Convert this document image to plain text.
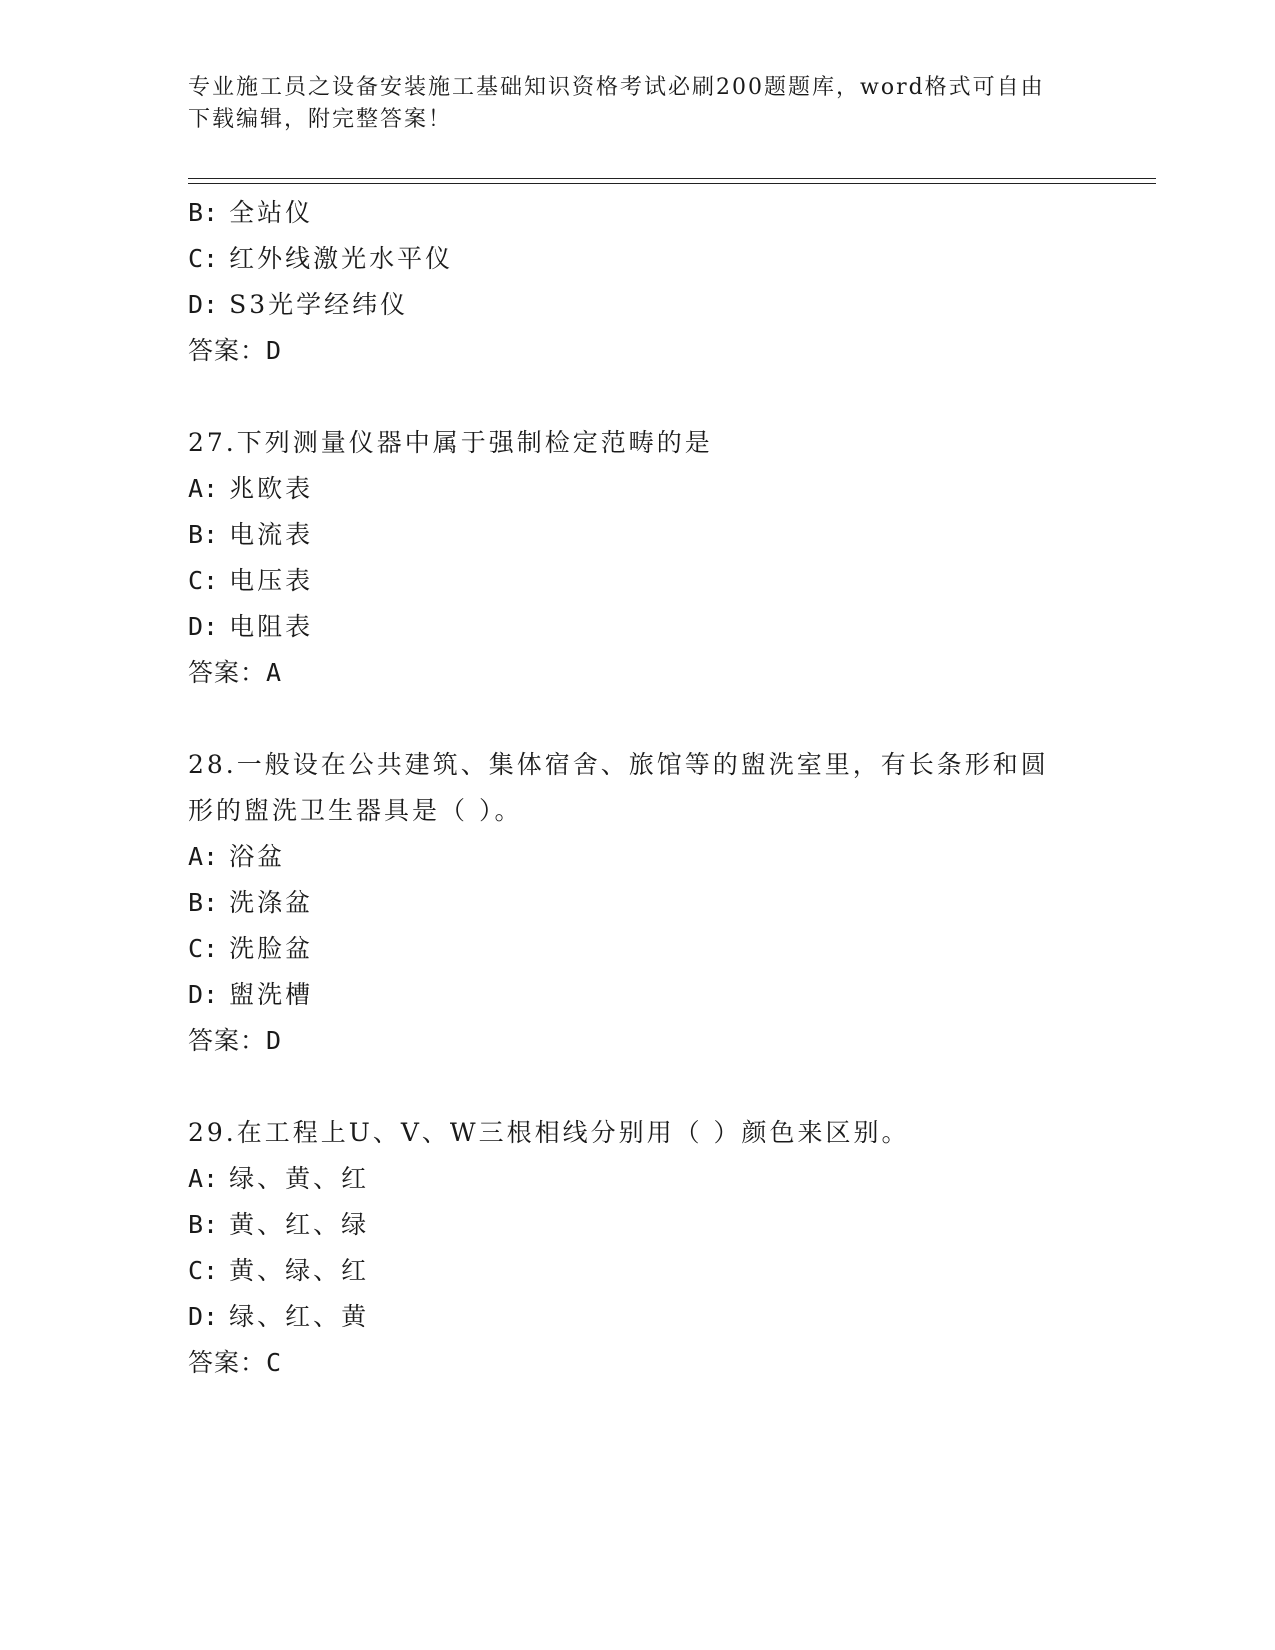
专业施工员之设备安装施工基础知识资格考试必刷200题题库，word格式可自由
下载编辑，附完整答案！
B: 全站仪
C: 红外线激光水平仪
D: S3光学经纬仪
答案：D
27.下列测量仪器中属于强制检定范畴的是
A: 兆欧表
B: 电流表
C: 电压表
D: 电阻表
答案：A
28.一般设在公共建筑、集体宿舍、旅馆等的盥洗室里，有长条形和圆
形的盥洗卫生器具是（ ）。
A: 浴盆
B: 洗涤盆
C: 洗脸盆
D: 盥洗槽
答案：D
29.在工程上U、V、W三根相线分别用（ ）颜色来区别。
A: 绿、黄、红
B: 黄、红、绿
C: 黄、绿、红
D: 绿、红、黄
答案：C
